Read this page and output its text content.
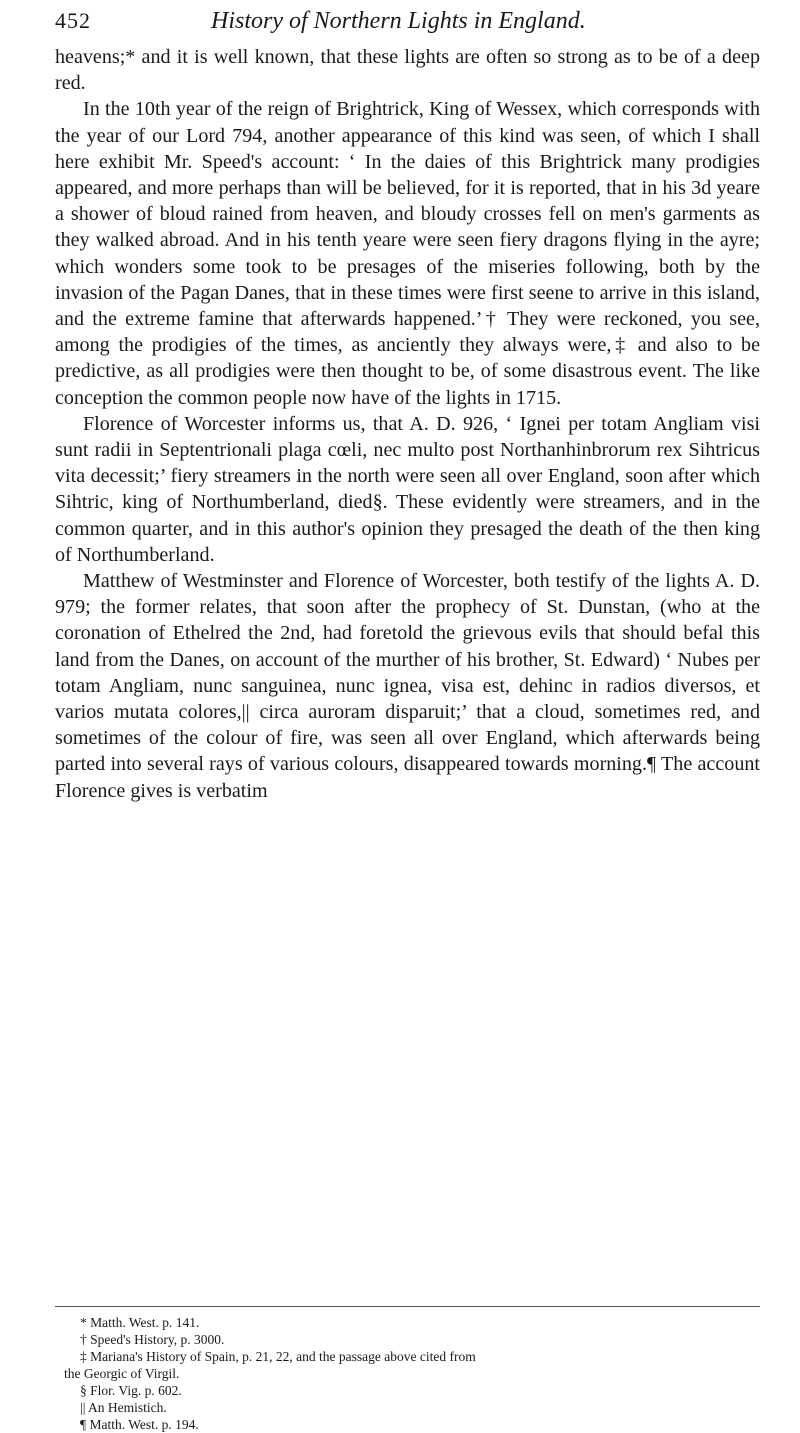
452	History of Northern Lights in England.

heavens;* and it is well known, that these lights are often so strong as to be of a deep red.

In the 10th year of the reign of Brightrick, King of Wessex, which corresponds with the year of our Lord 794, another appearance of this kind was seen, of which I shall here exhibit Mr. Speed's account: ‘ In the daies of this Brightrick many prodigies appeared, and more perhaps than will be believed, for it is reported, that in his 3d yeare a shower of bloud rained from heaven, and bloudy crosses fell on men's garments as they walked abroad. And in his tenth yeare were seen fiery dragons flying in the ayre; which wonders some took to be presages of the miseries following, both by the invasion of the Pagan Danes, that in these times were first seene to arrive in this island, and the extreme famine that afterwards happened.’† They were reckoned, you see, among the prodigies of the times, as anciently they always were,‡ and also to be predictive, as all prodigies were then thought to be, of some disastrous event. The like conception the common people now have of the lights in 1715.

Florence of Worcester informs us, that A. D. 926, ‘ Ignei per totam Angliam visi sunt radii in Septentrionali plaga cœli, nec multo post Northanhinbrorum rex Sihtricus vita decessit;’ fiery streamers in the north were seen all over England, soon after which Sihtric, king of Northumberland, died§. These evidently were streamers, and in the common quarter, and in this author's opinion they presaged the death of the then king of Northumberland.

Matthew of Westminster and Florence of Worcester, both testify of the lights A. D. 979; the former relates, that soon after the prophecy of St. Dunstan, (who at the coronation of Ethelred the 2nd, had foretold the grievous evils that should befal this land from the Danes, on account of the murther of his brother, St. Edward) ‘ Nubes per totam Angliam, nunc sanguinea, nunc ignea, visa est, dehinc in radios diversos, et varios mutata colores,|| circa auroram disparuit;’ that a cloud, sometimes red, and sometimes of the colour of fire, was seen all over England, which afterwards being parted into several rays of various colours, disappeared towards morning.¶ The account Florence gives is verbatim

* Matth. West. p. 141.
† Speed's History, p. 3000.
‡ Mariana's History of Spain, p. 21, 22, and the passage above cited from
the Georgic of Virgil.
§ Flor. Vig. p. 602.
|| An Hemistich.
¶ Matth. West. p. 194.
